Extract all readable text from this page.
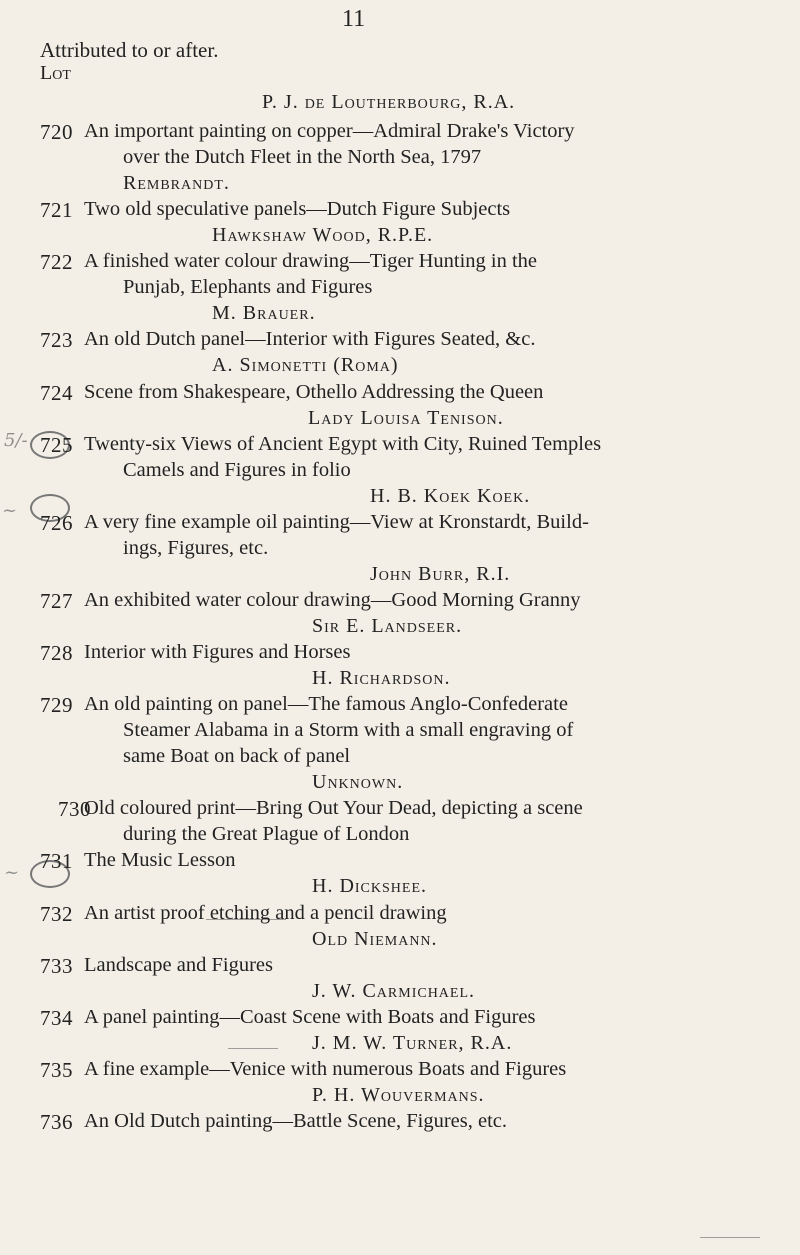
11
Attributed to or after.
Lot
5/-
~
~
P. J. de Loutherbourg, R.A.
720 An important painting on copper—Admiral Drake's Victory
over the Dutch Fleet in the North Sea, 1797
Rembrandt.
721 Two old speculative panels—Dutch Figure Subjects
Hawkshaw Wood, R.P.E.
722 A finished water colour drawing—Tiger Hunting in the
Punjab, Elephants and Figures
M. Brauer.
723 An old Dutch panel—Interior with Figures Seated, &c.
A. Simonetti (Roma)
724 Scene from Shakespeare, Othello Addressing the Queen
Lady Louisa Tenison.
725 Twenty-six Views of Ancient Egypt with City, Ruined Temples
Camels and Figures in folio
H. B. Koek Koek.
726 A very fine example oil painting—View at Kronstardt, Build-
ings, Figures, etc.
John Burr, R.I.
727 An exhibited water colour drawing—Good Morning Granny
Sir E. Landseer.
728 Interior with Figures and Horses
H. Richardson.
729 An old painting on panel—The famous Anglo-Confederate
Steamer Alabama in a Storm with a small engraving of
same Boat on back of panel
Unknown.
730
Old coloured print—Bring Out Your Dead, depicting a scene
during the Great Plague of London
731 The Music Lesson
H. Dickshee.
732 An artist proof etching and a pencil drawing
Old Niemann.
733 Landscape and Figures
J. W. Carmichael.
734 A panel painting—Coast Scene with Boats and Figures
J. M. W. Turner, R.A.
735 A fine example—Venice with numerous Boats and Figures
P. H. Wouvermans.
736 An Old Dutch painting—Battle Scene, Figures, etc.
